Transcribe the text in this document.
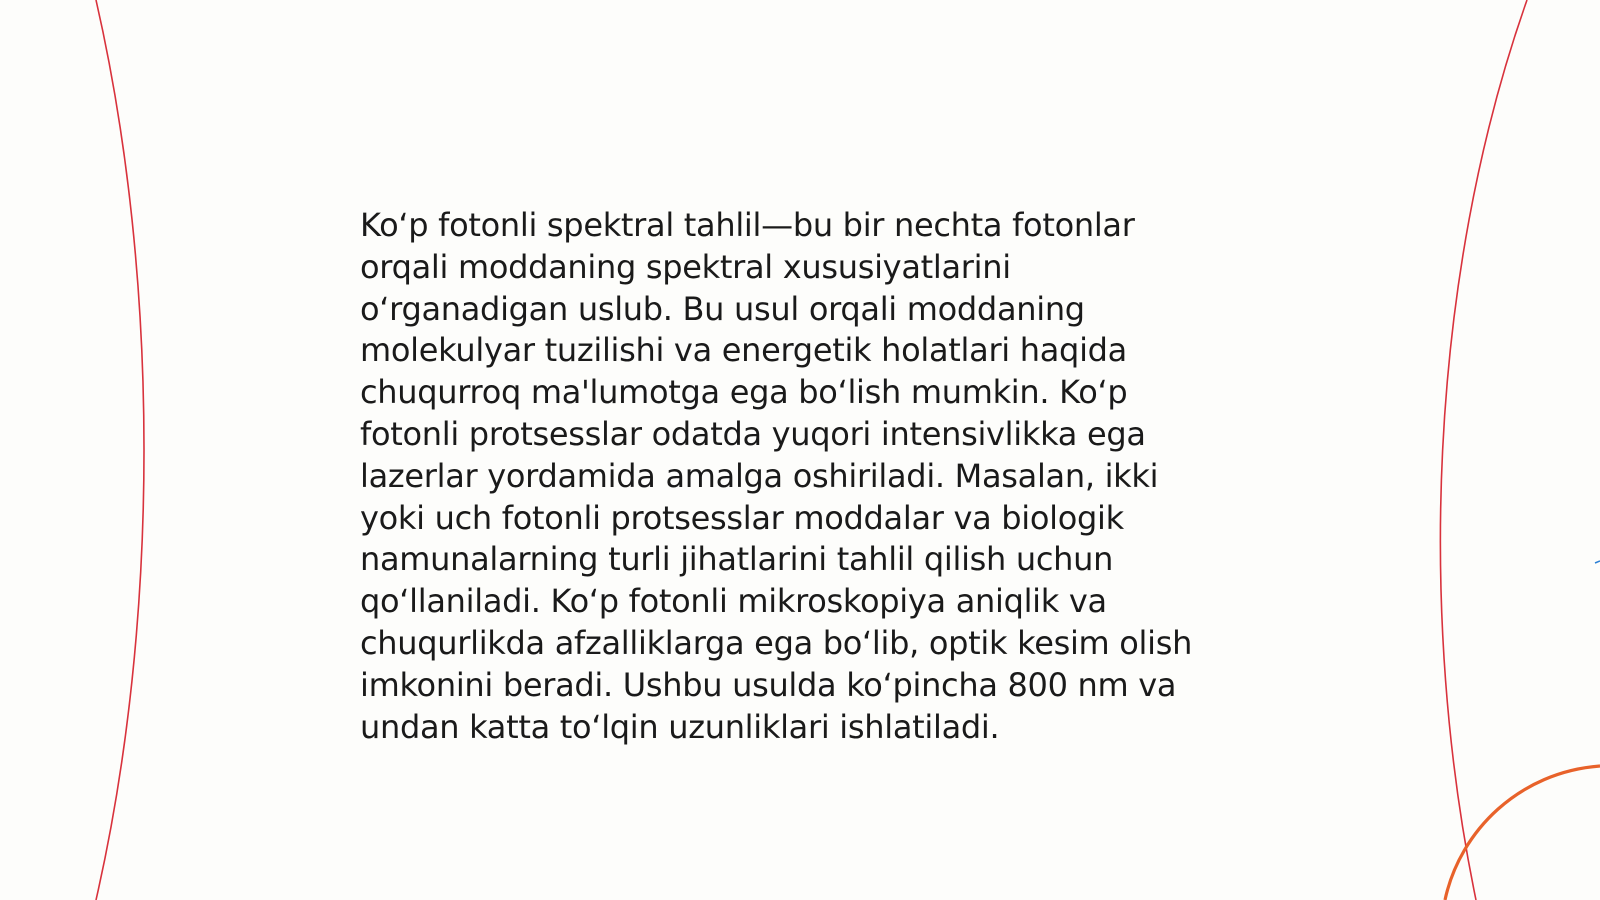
Koʻp fotonli spektral tahlil—bu bir nechta fotonlar
orqali moddaning spektral xususiyatlarini
oʻrganadigan uslub. Bu usul orqali moddaning
molekulyar tuzilishi va energetik holatlari haqida
chuqurroq ma'lumotga ega boʻlish mumkin. Koʻp
fotonli protsesslar odatda yuqori intensivlikka ega
lazerlar yordamida amalga oshiriladi. Masalan, ikki
yoki uch fotonli protsesslar moddalar va biologik
namunalarning turli jihatlarini tahlil qilish uchun
qoʻllaniladi. Koʻp fotonli mikroskopiya aniqlik va
chuqurlikda afzalliklarga ega boʻlib, optik kesim olish
imkonini beradi. Ushbu usulda koʻpincha 800 nm va
undan katta toʻlqin uzunliklari ishlatiladi.
